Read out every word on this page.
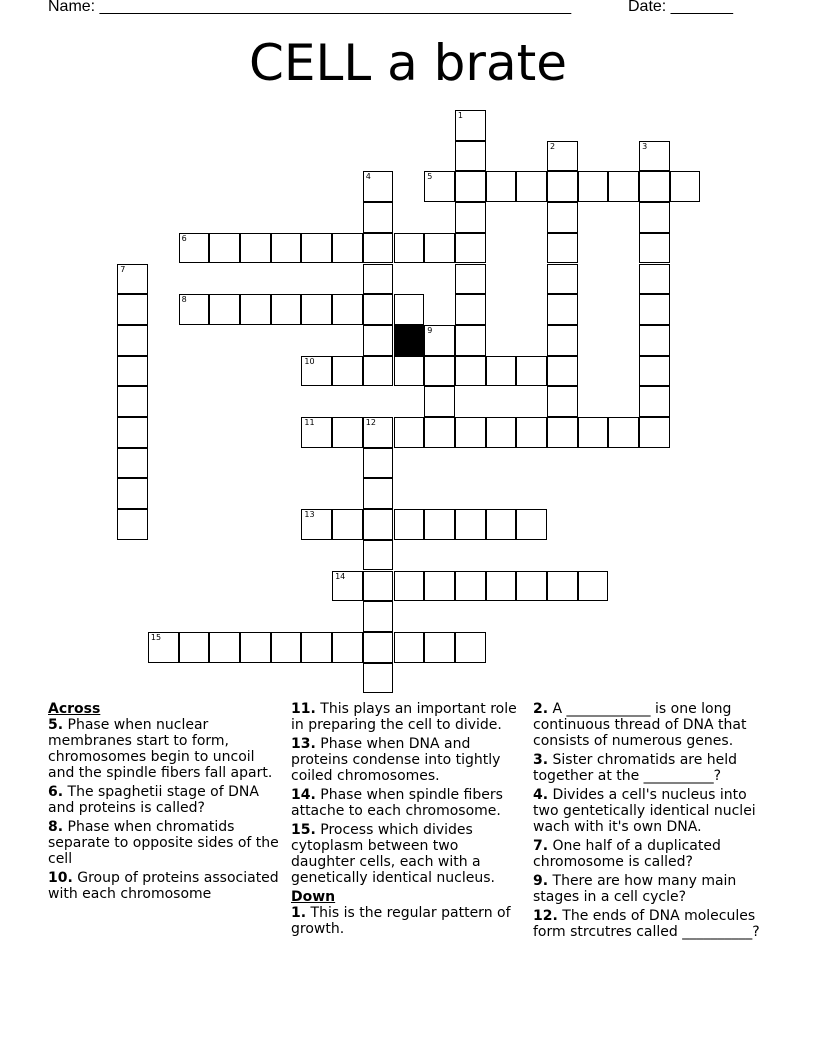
Name: _____________________________________________________	Date: _______
CELL a brate
1
2	3
4	5
6
7
8
9
10
11	12
13
14
15
Across
5. Phase when nuclear membranes start to form, chromosomes begin to uncoil and the spindle fibers fall apart.
6. The spaghetii stage of DNA and proteins is called?
8. Phase when chromatids separate to opposite sides of the cell
10. Group of proteins associated with each chromosome
11. This plays an important role in preparing the cell to divide.
13. Phase when DNA and proteins condense into tightly coiled chromosomes.
14. Phase when spindle fibers attache to each chromosome.
15. Process which divides cytoplasm between two daughter cells, each with a genetically identical nucleus.
Down
1. This is the regular pattern of growth.
2. A ____________ is one long continuous thread of DNA that consists of numerous genes.
3. Sister chromatids are held together at the __________?
4. Divides a cell's nucleus into two gentetically identical nuclei wach with it's own DNA.
7. One half of a duplicated chromosome is called?
9. There are how many main stages in a cell cycle?
12. The ends of DNA molecules form strcutres called __________?
